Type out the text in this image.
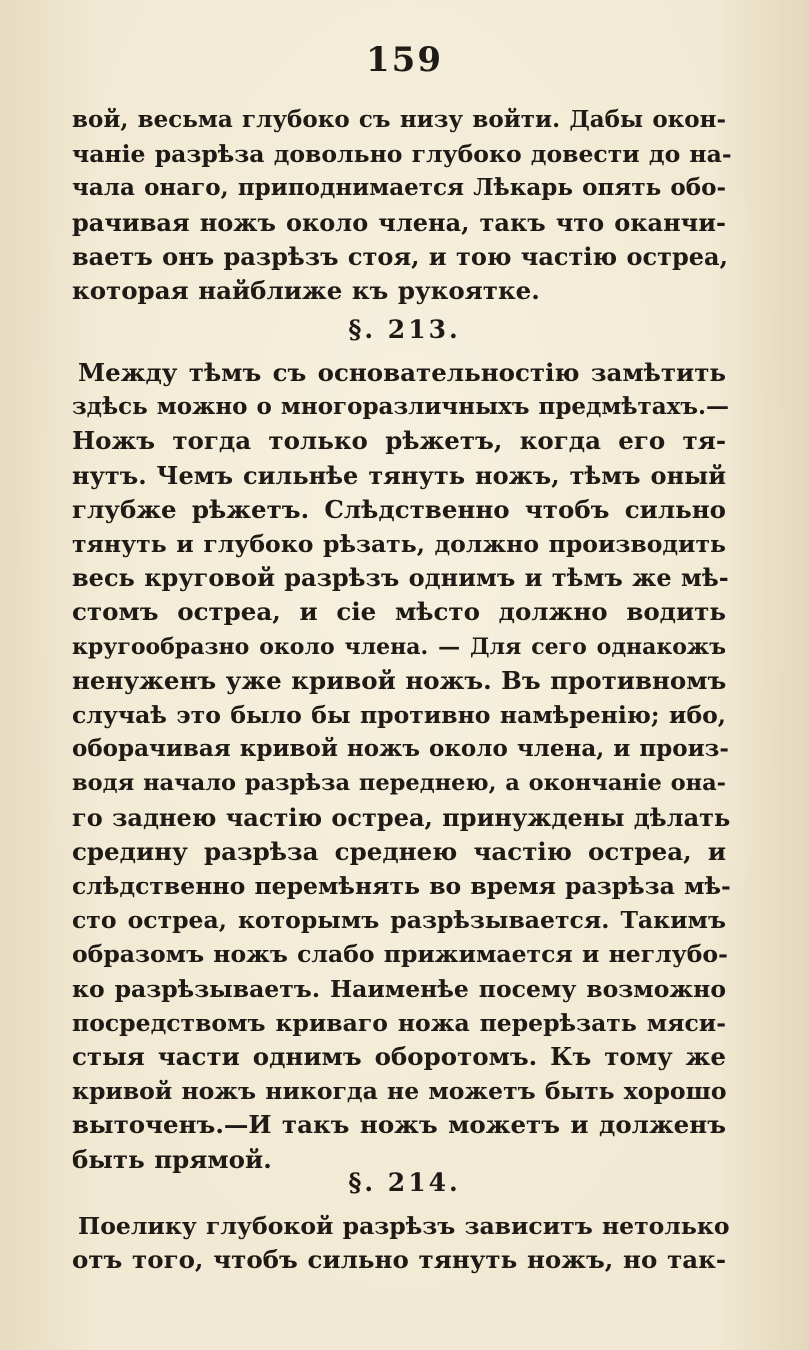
159

вой, весьма глубоко съ низу войти. Дабы окон-
чаніе разрѣза довольно глубоко довести до на-
чала онаго, приподнимается Лѣкарь опять обо-
рачивая ножъ около члена, такъ что оканчи-
ваетъ онъ разрѣзъ стоя, и тою частію остреа,
которая найближе къ рукоятке.

§. 213.

Между тѣмъ съ основательностію замѣтить
здѣсь можно о многоразличныхъ предмѣтахъ.—
Ножъ тогда только рѣжетъ, когда его тя-
нутъ. Чемъ сильнѣе тянуть ножъ, тѣмъ оный
глубже рѣжетъ. Слѣдственно чтобъ сильно
тянуть и глубоко рѣзать, должно производить
весь круговой разрѣзъ однимъ и тѣмъ же мѣ-
стомъ остреа, и сіе мѣсто должно водить
кругообразно около члена. — Для сего однакожъ
ненуженъ уже кривой ножъ. Въ противномъ
случаѣ это было бы противно намѣренію; ибо,
оборачивая кривой ножъ около члена, и произ-
водя начало разрѣза переднею, а окончаніе она-
го заднею частію остреа, принуждены дѣлать
средину разрѣза среднею частію остреа, и
слѣдственно перемѣнять во время разрѣза мѣ-
сто остреа, которымъ разрѣзывается. Такимъ
образомъ ножъ слабо прижимается и неглубо-
ко разрѣзываетъ. Наименѣе посему возможно
посредствомъ криваго ножа перерѣзать мяси-
стыя части однимъ оборотомъ. Къ тому же
кривой ножъ никогда не можетъ быть хорошо
выточенъ.—И такъ ножъ можетъ и долженъ
быть прямой.

§. 214.

Поелику глубокой разрѣзъ зависитъ нетолько
отъ того, чтобъ сильно тянуть ножъ, но так-
